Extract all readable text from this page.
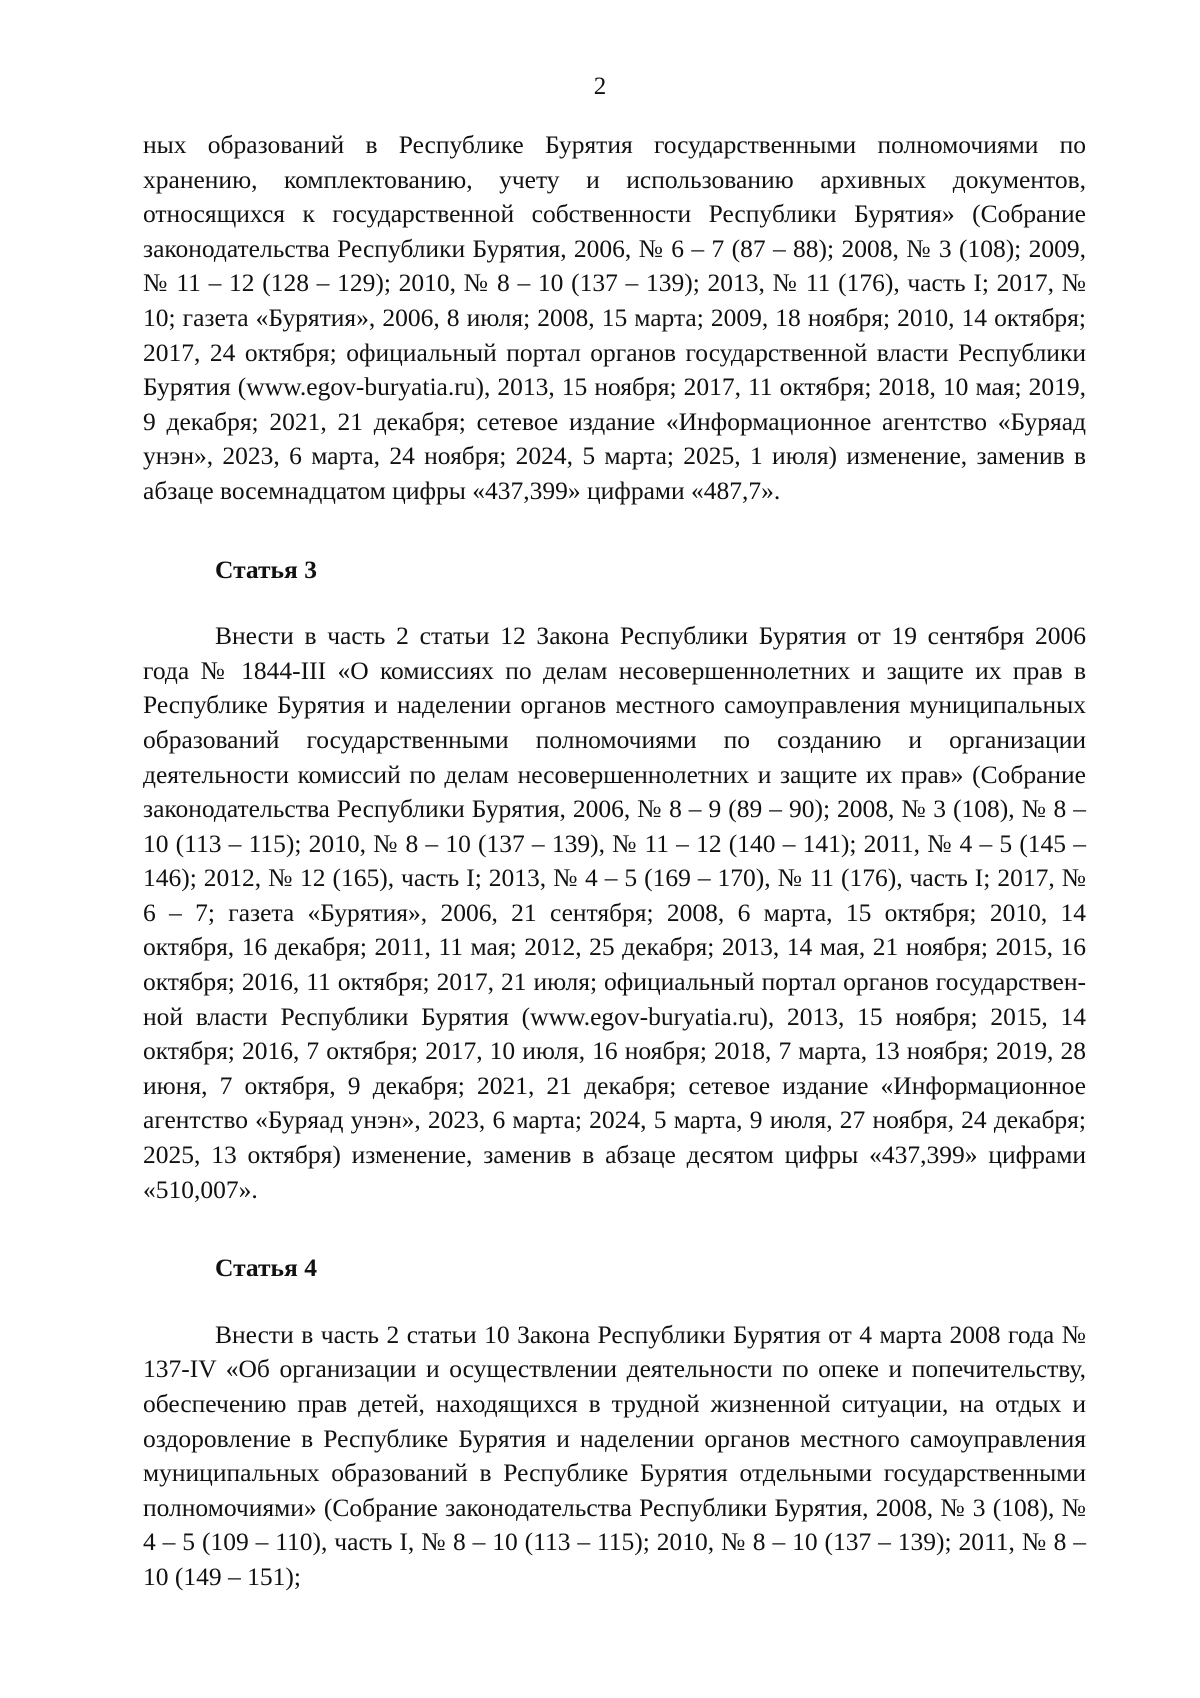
2

ных образований в Республике Бурятия государственными полномочиями по хранению, комплектованию, учету и использованию архивных документов, относящихся к государственной собственности Республики Бурятия» (Собрание законодательства Республики Бурятия, 2006, № 6 – 7 (87 – 88); 2008, № 3 (108); 2009, № 11 – 12 (128 – 129); 2010, № 8 – 10 (137 – 139); 2013, № 11 (176), часть I; 2017, № 10; газета «Бурятия», 2006, 8 июля; 2008, 15 марта; 2009, 18 ноября; 2010, 14 октября; 2017, 24 октября; официальный портал органов государственной власти Республики Бурятия (www.egov-buryatia.ru), 2013, 15 ноября; 2017, 11 октября; 2018, 10 мая; 2019, 9 декабря; 2021, 21 декабря; сетевое издание «Информационное агентство «Буряад унэн», 2023, 6 марта, 24 ноября; 2024, 5 марта; 2025, 1 июля) изменение, заменив в абзаце восемнадцатом цифры «437,399» цифрами «487,7».

Статья 3

Внести в часть 2 статьи 12 Закона Республики Бурятия от 19 сентября 2006 года № 1844-III «О комиссиях по делам несовершеннолетних и защите их прав в Республике Бурятия и наделении органов местного самоуправления муниципальных образований государственными полномочиями по созданию и организации деятельности комиссий по делам несовершеннолетних и защите их прав» (Собрание законодательства Республики Бурятия, 2006, № 8 – 9 (89 – 90); 2008, № 3 (108), № 8 – 10 (113 – 115); 2010, № 8 – 10 (137 – 139), № 11 – 12 (140 – 141); 2011, № 4 – 5 (145 – 146); 2012, № 12 (165), часть I; 2013, № 4 – 5 (169 – 170), № 11 (176), часть I; 2017, № 6 – 7; газета «Бурятия», 2006, 21 сентября; 2008, 6 марта, 15 октября; 2010, 14 октября, 16 декабря; 2011, 11 мая; 2012, 25 декабря; 2013, 14 мая, 21 ноября; 2015, 16 октября; 2016, 11 октября; 2017, 21 июля; официальный портал органов государственной власти Республики Бурятия (www.egov-buryatia.ru), 2013, 15 ноября; 2015, 14 октября; 2016, 7 октября; 2017, 10 июля, 16 ноября; 2018, 7 марта, 13 ноября; 2019, 28 июня, 7 октября, 9 декабря; 2021, 21 декабря; сетевое издание «Информационное агентство «Буряад унэн», 2023, 6 марта; 2024, 5 марта, 9 июля, 27 ноября, 24 декабря; 2025, 13 октября) изменение, заменив в абзаце десятом цифры «437,399» цифрами «510,007».

Статья 4

Внести в часть 2 статьи 10 Закона Республики Бурятия от 4 марта 2008 года № 137-IV «Об организации и осуществлении деятельности по опеке и попечительству, обеспечению прав детей, находящихся в трудной жизненной ситуации, на отдых и оздоровление в Республике Бурятия и наделении органов местного самоуправления муниципальных образований в Республике Бурятия отдельными государственными полномочиями» (Собрание законодательства Республики Бурятия, 2008, № 3 (108), № 4 – 5 (109 – 110), часть I, № 8 – 10 (113 – 115); 2010, № 8 – 10 (137 – 139); 2011, № 8 – 10 (149 – 151);
